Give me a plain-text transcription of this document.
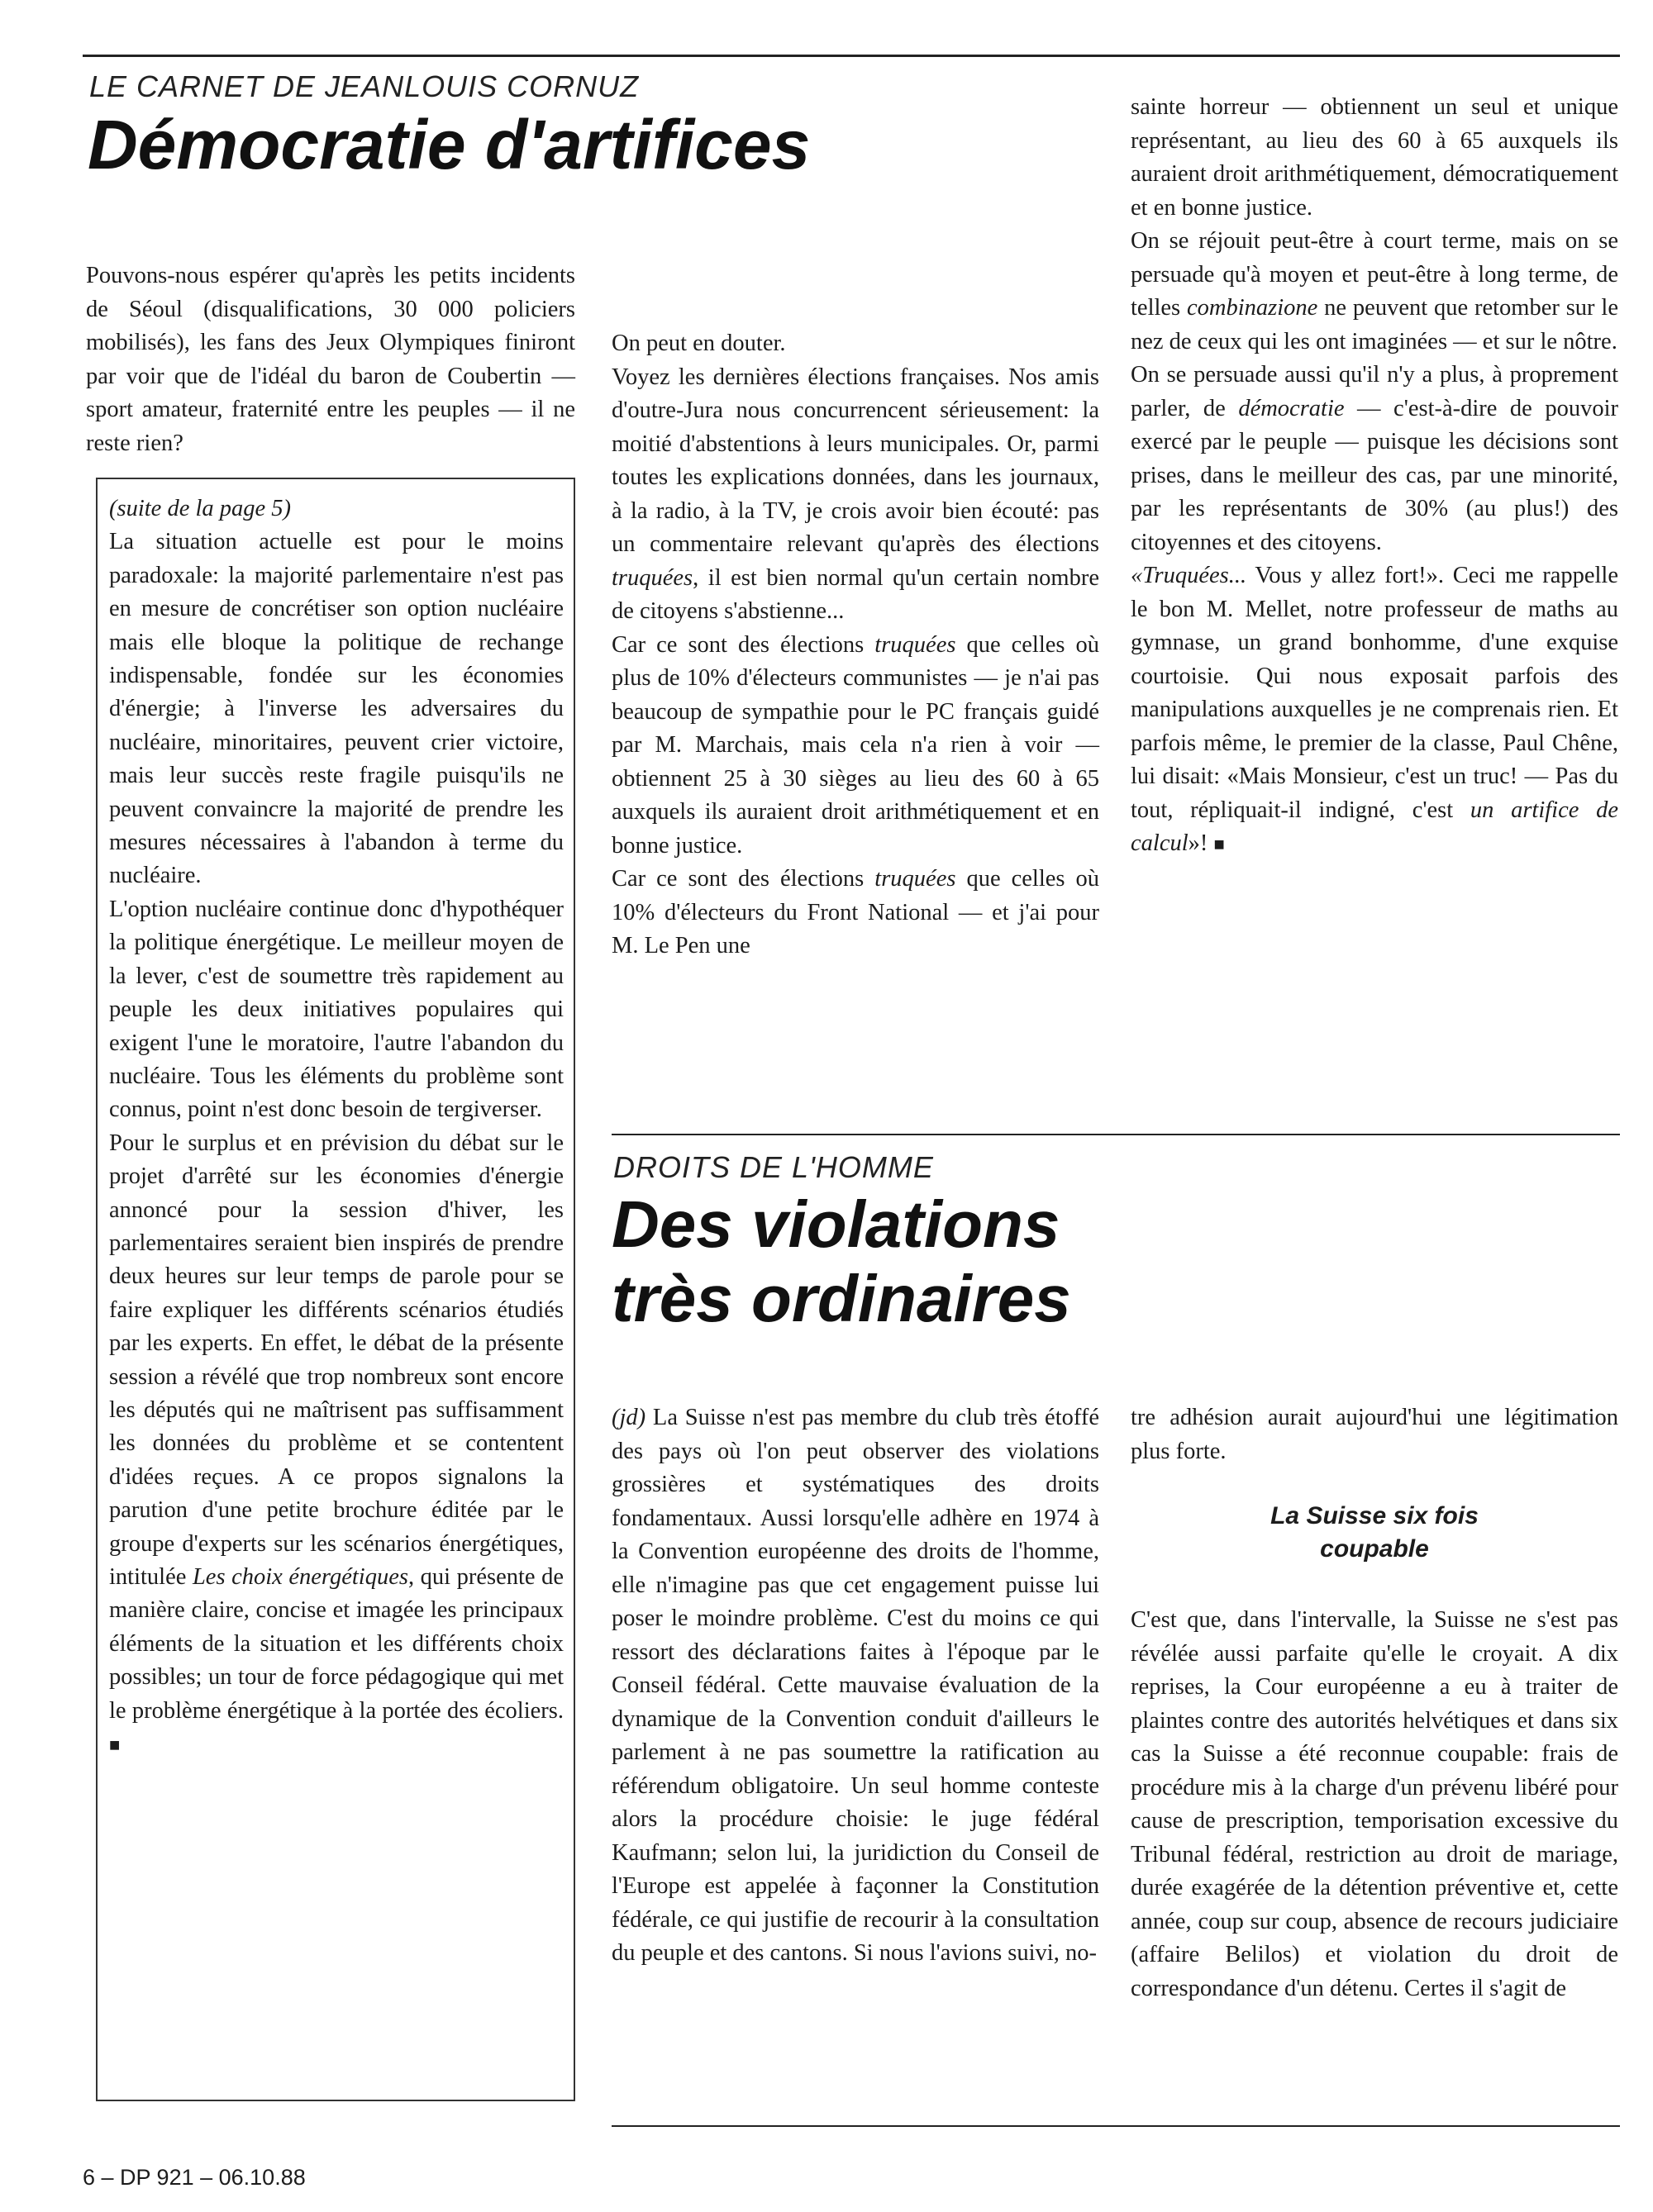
LE CARNET DE JEANLOUIS CORNUZ
Démocratie d'artifices

Pouvons-nous espérer qu'après les petits incidents de Séoul (disqualifications, 30 000 policiers mobilisés), les fans des Jeux Olympiques finiront par voir que de l'idéal du baron de Coubertin — sport amateur, fraternité entre les peuples — il ne reste rien?

(suite de la page 5)

La situation actuelle est pour le moins paradoxale: la majorité parlementaire n'est pas en mesure de concrétiser son option nucléaire mais elle bloque la politique de rechange indispensable, fondée sur les économies d'énergie; à l'inverse les adversaires du nucléaire, minoritaires, peuvent crier victoire, mais leur succès reste fragile puisqu'ils ne peuvent convaincre la majorité de prendre les mesures nécessaires à l'abandon à terme du nucléaire.

L'option nucléaire continue donc d'hypothéquer la politique énergétique. Le meilleur moyen de la lever, c'est de soumettre très rapidement au peuple les deux initiatives populaires qui exigent l'une le moratoire, l'autre l'abandon du nucléaire. Tous les éléments du problème sont connus, point n'est donc besoin de tergiverser.

Pour le surplus et en prévision du débat sur le projet d'arrêté sur les économies d'énergie annoncé pour la session d'hiver, les parlementaires seraient bien inspirés de prendre deux heures sur leur temps de parole pour se faire expliquer les différents scénarios étudiés par les experts. En effet, le débat de la présente session a révélé que trop nombreux sont encore les députés qui ne maîtrisent pas suffisamment les données du problème et se contentent d'idées reçues. A ce propos signalons la parution d'une petite brochure éditée par le groupe d'experts sur les scénarios énergétiques, intitulée Les choix énergétiques, qui présente de manière claire, concise et imagée les principaux éléments de la situation et les différents choix possibles; un tour de force pédagogique qui met le problème énergétique à la portée des écoliers. ■

On peut en douter.

Voyez les dernières élections françaises. Nos amis d'outre-Jura nous concurrencent sérieusement: la moitié d'abstentions à leurs municipales. Or, parmi toutes les explications données, dans les journaux, à la radio, à la TV, je crois avoir bien écouté: pas un commentaire relevant qu'après des élections truquées, il est bien normal qu'un certain nombre de citoyens s'abstienne...

Car ce sont des élections truquées que celles où plus de 10% d'électeurs communistes — je n'ai pas beaucoup de sympathie pour le PC français guidé par M. Marchais, mais cela n'a rien à voir — obtiennent 25 à 30 sièges au lieu des 60 à 65 auxquels ils auraient droit arithmétiquement et en bonne justice.

Car ce sont des élections truquées que celles où 10% d'électeurs du Front National — et j'ai pour M. Le Pen une

sainte horreur — obtiennent un seul et unique représentant, au lieu des 60 à 65 auxquels ils auraient droit arithmétiquement, démocratiquement et en bonne justice.

On se réjouit peut-être à court terme, mais on se persuade qu'à moyen et peut-être à long terme, de telles combinazione ne peuvent que retomber sur le nez de ceux qui les ont imaginées — et sur le nôtre.

On se persuade aussi qu'il n'y a plus, à proprement parler, de démocratie — c'est-à-dire de pouvoir exercé par le peuple — puisque les décisions sont prises, dans le meilleur des cas, par une minorité, par les représentants de 30% (au plus!) des citoyennes et des citoyens.

«Truquées... Vous y allez fort!». Ceci me rappelle le bon M. Mellet, notre professeur de maths au gymnase, un grand bonhomme, d'une exquise courtoisie. Qui nous exposait parfois des manipulations auxquelles je ne comprenais rien. Et parfois même, le premier de la classe, Paul Chêne, lui disait: «Mais Monsieur, c'est un truc! — Pas du tout, répliquait-il indigné, c'est un artifice de calcul»! ■

DROITS DE L'HOMME
Des violations
très ordinaires

(jd) La Suisse n'est pas membre du club très étoffé des pays où l'on peut observer des violations grossières et systématiques des droits fondamentaux. Aussi lorsqu'elle adhère en 1974 à la Convention européenne des droits de l'homme, elle n'imagine pas que cet engagement puisse lui poser le moindre problème. C'est du moins ce qui ressort des déclarations faites à l'époque par le Conseil fédéral. Cette mauvaise évaluation de la dynamique de la Convention conduit d'ailleurs le parlement à ne pas soumettre la ratification au référendum obligatoire. Un seul homme conteste alors la procédure choisie: le juge fédéral Kaufmann; selon lui, la juridiction du Conseil de l'Europe est appelée à façonner la Constitution fédérale, ce qui justifie de recourir à la consultation du peuple et des cantons. Si nous l'avions suivi, no-

tre adhésion aurait aujourd'hui une légitimation plus forte.

La Suisse six fois
coupable

C'est que, dans l'intervalle, la Suisse ne s'est pas révélée aussi parfaite qu'elle le croyait. A dix reprises, la Cour européenne a eu à traiter de plaintes contre des autorités helvétiques et dans six cas la Suisse a été reconnue coupable: frais de procédure mis à la charge d'un prévenu libéré pour cause de prescription, temporisation excessive du Tribunal fédéral, restriction au droit de mariage, durée exagérée de la détention préventive et, cette année, coup sur coup, absence de recours judiciaire (affaire Belilos) et violation du droit de correspondance d'un détenu. Certes il s'agit de

6 – DP 921 – 06.10.88
